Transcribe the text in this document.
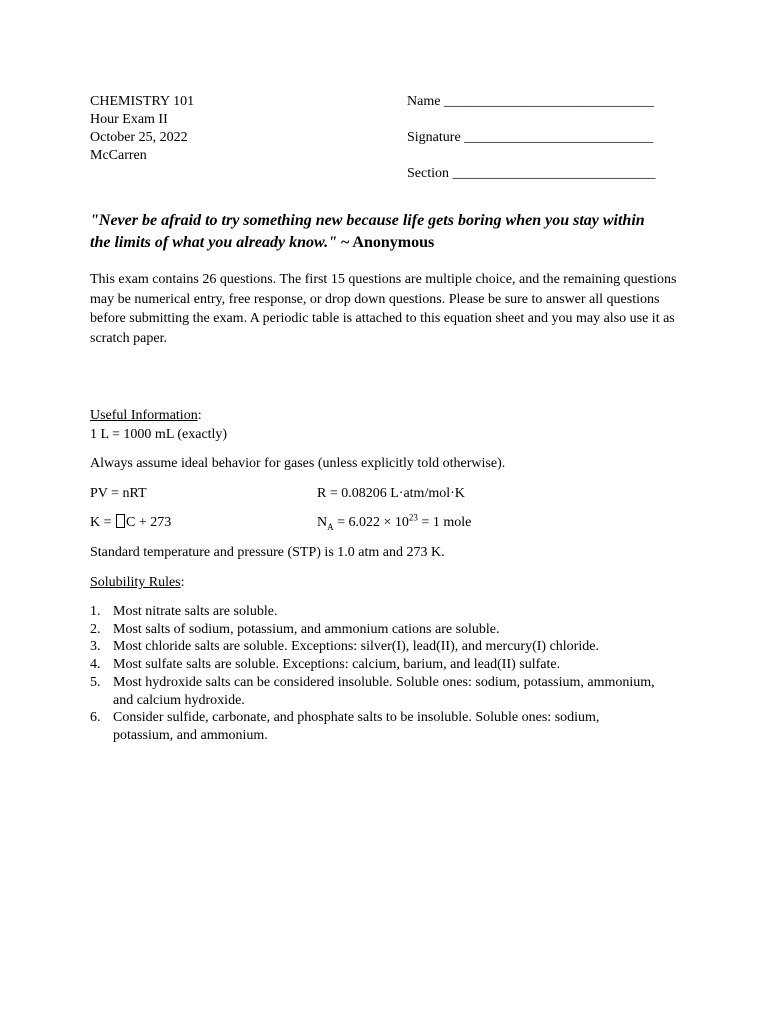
CHEMISTRY 101
Hour Exam II
October 25, 2022
McCarren
Name ______________________________
Signature ___________________________
Section _____________________________
"Never be afraid to try something new because life gets boring when you stay within the limits of what you already know." ~ Anonymous
This exam contains 26 questions. The first 15 questions are multiple choice, and the remaining questions may be numerical entry, free response, or drop down questions. Please be sure to answer all questions before submitting the exam. A periodic table is attached to this equation sheet and you may also use it as scratch paper.
Useful Information:
1 L = 1000 mL (exactly)
Always assume ideal behavior for gases (unless explicitly told otherwise).
PV = nRT	R = 0.08206 L·atm/mol·K
K = C + 273	$N_A = 6.022 \times 10^{23} = 1$ mole
Standard temperature and pressure (STP) is 1.0 atm and 273 K.
Solubility Rules:
1. Most nitrate salts are soluble.
2. Most salts of sodium, potassium, and ammonium cations are soluble.
3. Most chloride salts are soluble. Exceptions: silver(I), lead(II), and mercury(I) chloride.
4. Most sulfate salts are soluble. Exceptions: calcium, barium, and lead(II) sulfate.
5. Most hydroxide salts can be considered insoluble. Soluble ones: sodium, potassium, ammonium, and calcium hydroxide.
6. Consider sulfide, carbonate, and phosphate salts to be insoluble. Soluble ones: sodium, potassium, and ammonium.
